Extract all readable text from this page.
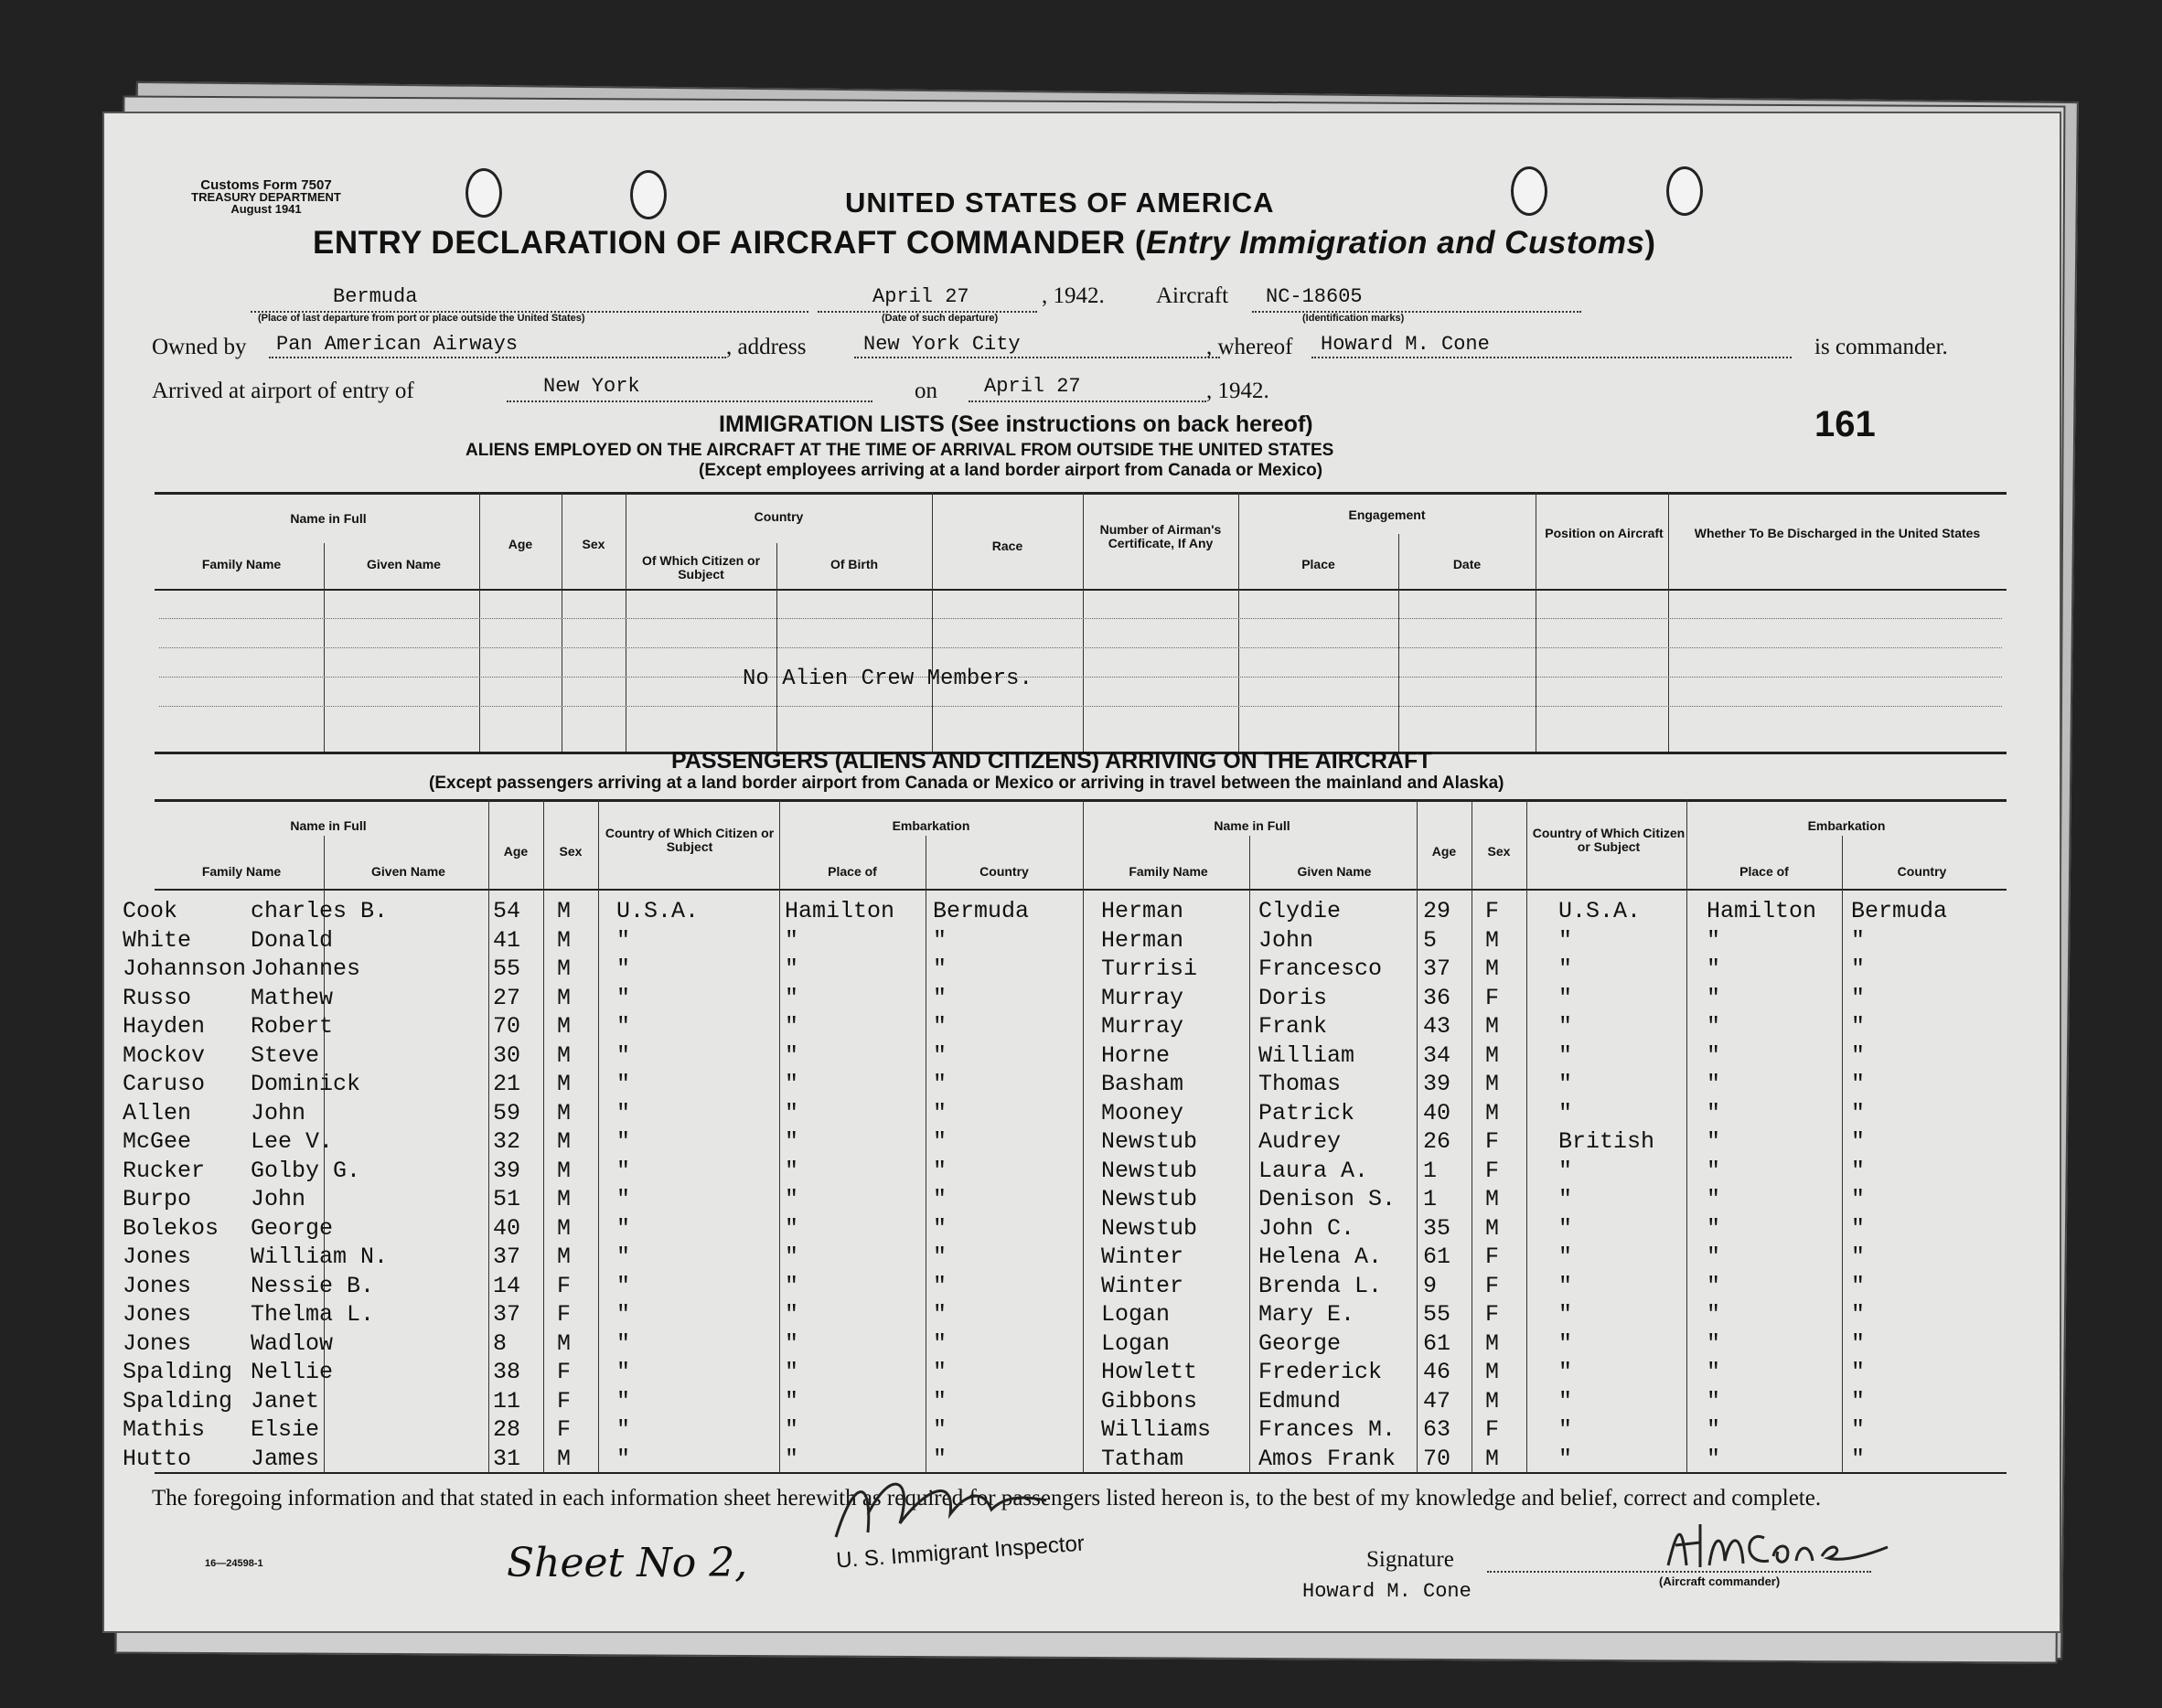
Customs Form 7507
TREASURY DEPARTMENT
August 1941	UNITED STATES OF AMERICA
ENTRY DECLARATION OF AIRCRAFT COMMANDER (Entry Immigration and Customs)
Bermuda
(Place of last departure from port or place outside the United States)
April 27
(Date of such departure)
, 1942. Aircraft NC-18605
(Identification marks)
Owned by Pan American Airways	, address	New York City	, whereof Howard M. Cone	is commander.
Arrived at airport of entry of	New York	on April 27	, 1942.
161
IMMIGRATION LISTS (See instructions on back hereof)
ALIENS EMPLOYED ON THE AIRCRAFT AT THE TIME OF ARRIVAL FROM OUTSIDE THE UNITED STATES
(Except employees arriving at a land border airport from Canada or Mexico)
Name in Full
Family Name	Given Name
Age	Sex
Country
Of Which Citizen or Subject
Of Birth
Race
Number of Airman's Certificate, If Any
Engagement
Place	Date
Position on Aircraft	Whether To Be Discharged in the United States
No Alien Crew Members.
PASSENGERS (ALIENS AND CITIZENS) ARRIVING ON THE AIRCRAFT
(Except passengers arriving at a land border airport from Canada or Mexico or arriving in travel between the mainland and Alaska)
Name in Full
Family Name	Given Name
Age	Sex
Country of Which Citizen or Subject
Embarkation
Place of	Country
Name in Full
Family Name	Given Name
Age	Sex
Country of Which Citizen or Subject
Embarkation
Place of	Country
Cook	charles B.	54 M U.S.A.	Hamilton Bermuda	Herman	Clydie	29 F	U.S.A.	Hamilton Bermuda
White	Donald	41 M "	"	"	Herman	John	5 M	"	"	"
Johannson Johannes	55 M "	"	"	Turrisi	Francesco 37 M	"	"	"
Russo	Mathew	27 M "	"	"	Murray	Doris	36 F	"	"	"
Hayden Robert	70 M "	"	"	Murray	Frank	43 M	"	"	"
Mockov Steve	30 M "	"	"	Horne	William	34 M	"	"	"
Caruso Dominick	21 M "	"	"	Basham	Thomas	39 M	"	"	"
Allen	John	59 M "	"	"	Mooney	Patrick	40 M	"	"	"
McGee	Lee V.	32 M "	"	"	Newstub	Audrey	26 F	British "	"
Rucker Golby G.	39 M "	"	"	Newstub	Laura A. 1 F	"	"	"
Burpo	John	51 M "	"	"	Newstub	Denison S. 1 M	"	"	"
Bolekos George	40 M "	"	"	Newstub	John C.	35 M	"	"	"
Jones	William N.	37 M "	"	"	Winter	Helena A. 61 F	"	"	"
Jones	Nessie B.	14 F "	"	"	Winter	Brenda L. 9 F	"	"	"
Jones	Thelma L.	37 F "	"	"	Logan	Mary E.	55 F	"	"	"
Jones	Wadlow	8 M "	"	"	Logan	George	61 M	"	"	"
Spalding Nellie	38 F "	"	"	Howlett	Frederick 46 M	"	"	"
Spalding Janet	11 F "	"	"	Gibbons	Edmund	47 M	"	"	"
Mathis Elsie	28 F "	"	"	Williams Frances M. 63 F	"	"	"
Hutto	James	31 M "	"	"	Tatham	Amos Frank 70 M	"	"	"
The foregoing information and that stated in each information sheet herewith as required for passengers listed hereon is, to the best of my knowledge and belief, correct and complete.
16—24598-1	Sheet No 2,	U. S. Immigrant Inspector	Signature
Howard M. Cone	(Aircraft commander)
